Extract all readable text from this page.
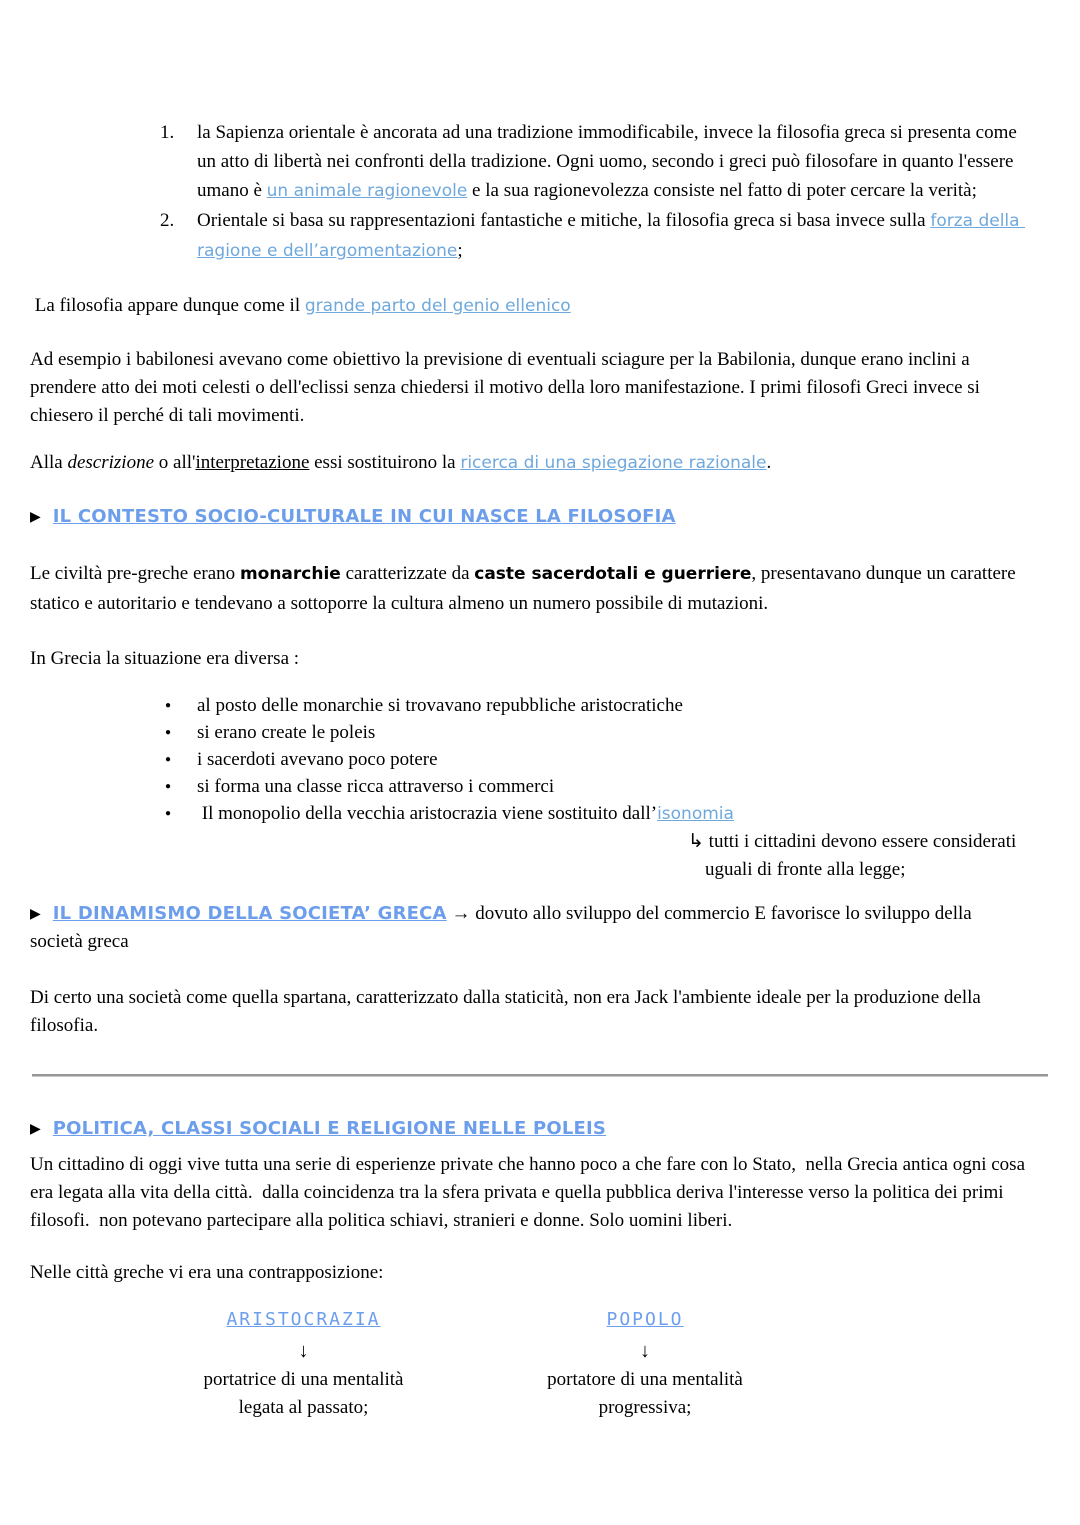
1.	la Sapienza orientale è ancorata ad una tradizione immodificabile, invece la filosofia greca si presenta come un atto di libertà nei confronti della tradizione. Ogni uomo, secondo i greci può filosofare in quanto l'essere umano è un animale ragionevole e la sua ragionevolezza consiste nel fatto di poter cercare la verità;
2.	Orientale si basa su rappresentazioni fantastiche e mitiche, la filosofia greca si basa invece sulla forza della ragione e dell’argomentazione;

La filosofia appare dunque come il grande parto del genio ellenico

Ad esempio i babilonesi avevano come obiettivo la previsione di eventuali sciagure per la Babilonia, dunque erano inclini a prendere atto dei moti celesti o dell'eclissi senza chiedersi il motivo della loro manifestazione. I primi filosofi Greci invece si chiesero il perché di tali movimenti.

Alla descrizione o all'interpretazione essi sostituirono la ricerca di una spiegazione razionale.

▶ IL CONTESTO SOCIO-CULTURALE IN CUI NASCE LA FILOSOFIA

Le civiltà pre-greche erano monarchie caratterizzate da caste sacerdotali e guerriere, presentavano dunque un carattere statico e autoritario e tendevano a sottoporre la cultura almeno un numero possibile di mutazioni.

In Grecia la situazione era diversa :

●	al posto delle monarchie si trovavano repubbliche aristocratiche
●	si erano create le poleis
●	i sacerdoti avevano poco potere
●	si forma una classe ricca attraverso i commerci
●	Il monopolio della vecchia aristocrazia viene sostituito dall’isonomia
↳ tutti i cittadini devono essere considerati
uguali di fronte alla legge;
▶ IL DINAMISMO DELLA SOCIETA’ GRECA → dovuto allo sviluppo del commercio E favorisce lo sviluppo della società greca

Di certo una società come quella spartana, caratterizzato dalla staticità, non era Jack l'ambiente ideale per la produzione della filosofia.

▶ POLITICA, CLASSI SOCIALI E RELIGIONE NELLE POLEIS

Un cittadino di oggi vive tutta una serie di esperienze private che hanno poco a che fare con lo Stato,  nella Grecia antica ogni cosa era legata alla vita della città.  dalla coincidenza tra la sfera privata e quella pubblica deriva l'interesse verso la politica dei primi filosofi.  non potevano partecipare alla politica schiavi, stranieri e donne. Solo uomini liberi.

Nelle città greche vi era una contrapposizione:

ARISTOCRAZIA
↓
portatrice di una mentalità
legata al passato;
POPOLO
↓
portatore di una mentalità
progressiva;
